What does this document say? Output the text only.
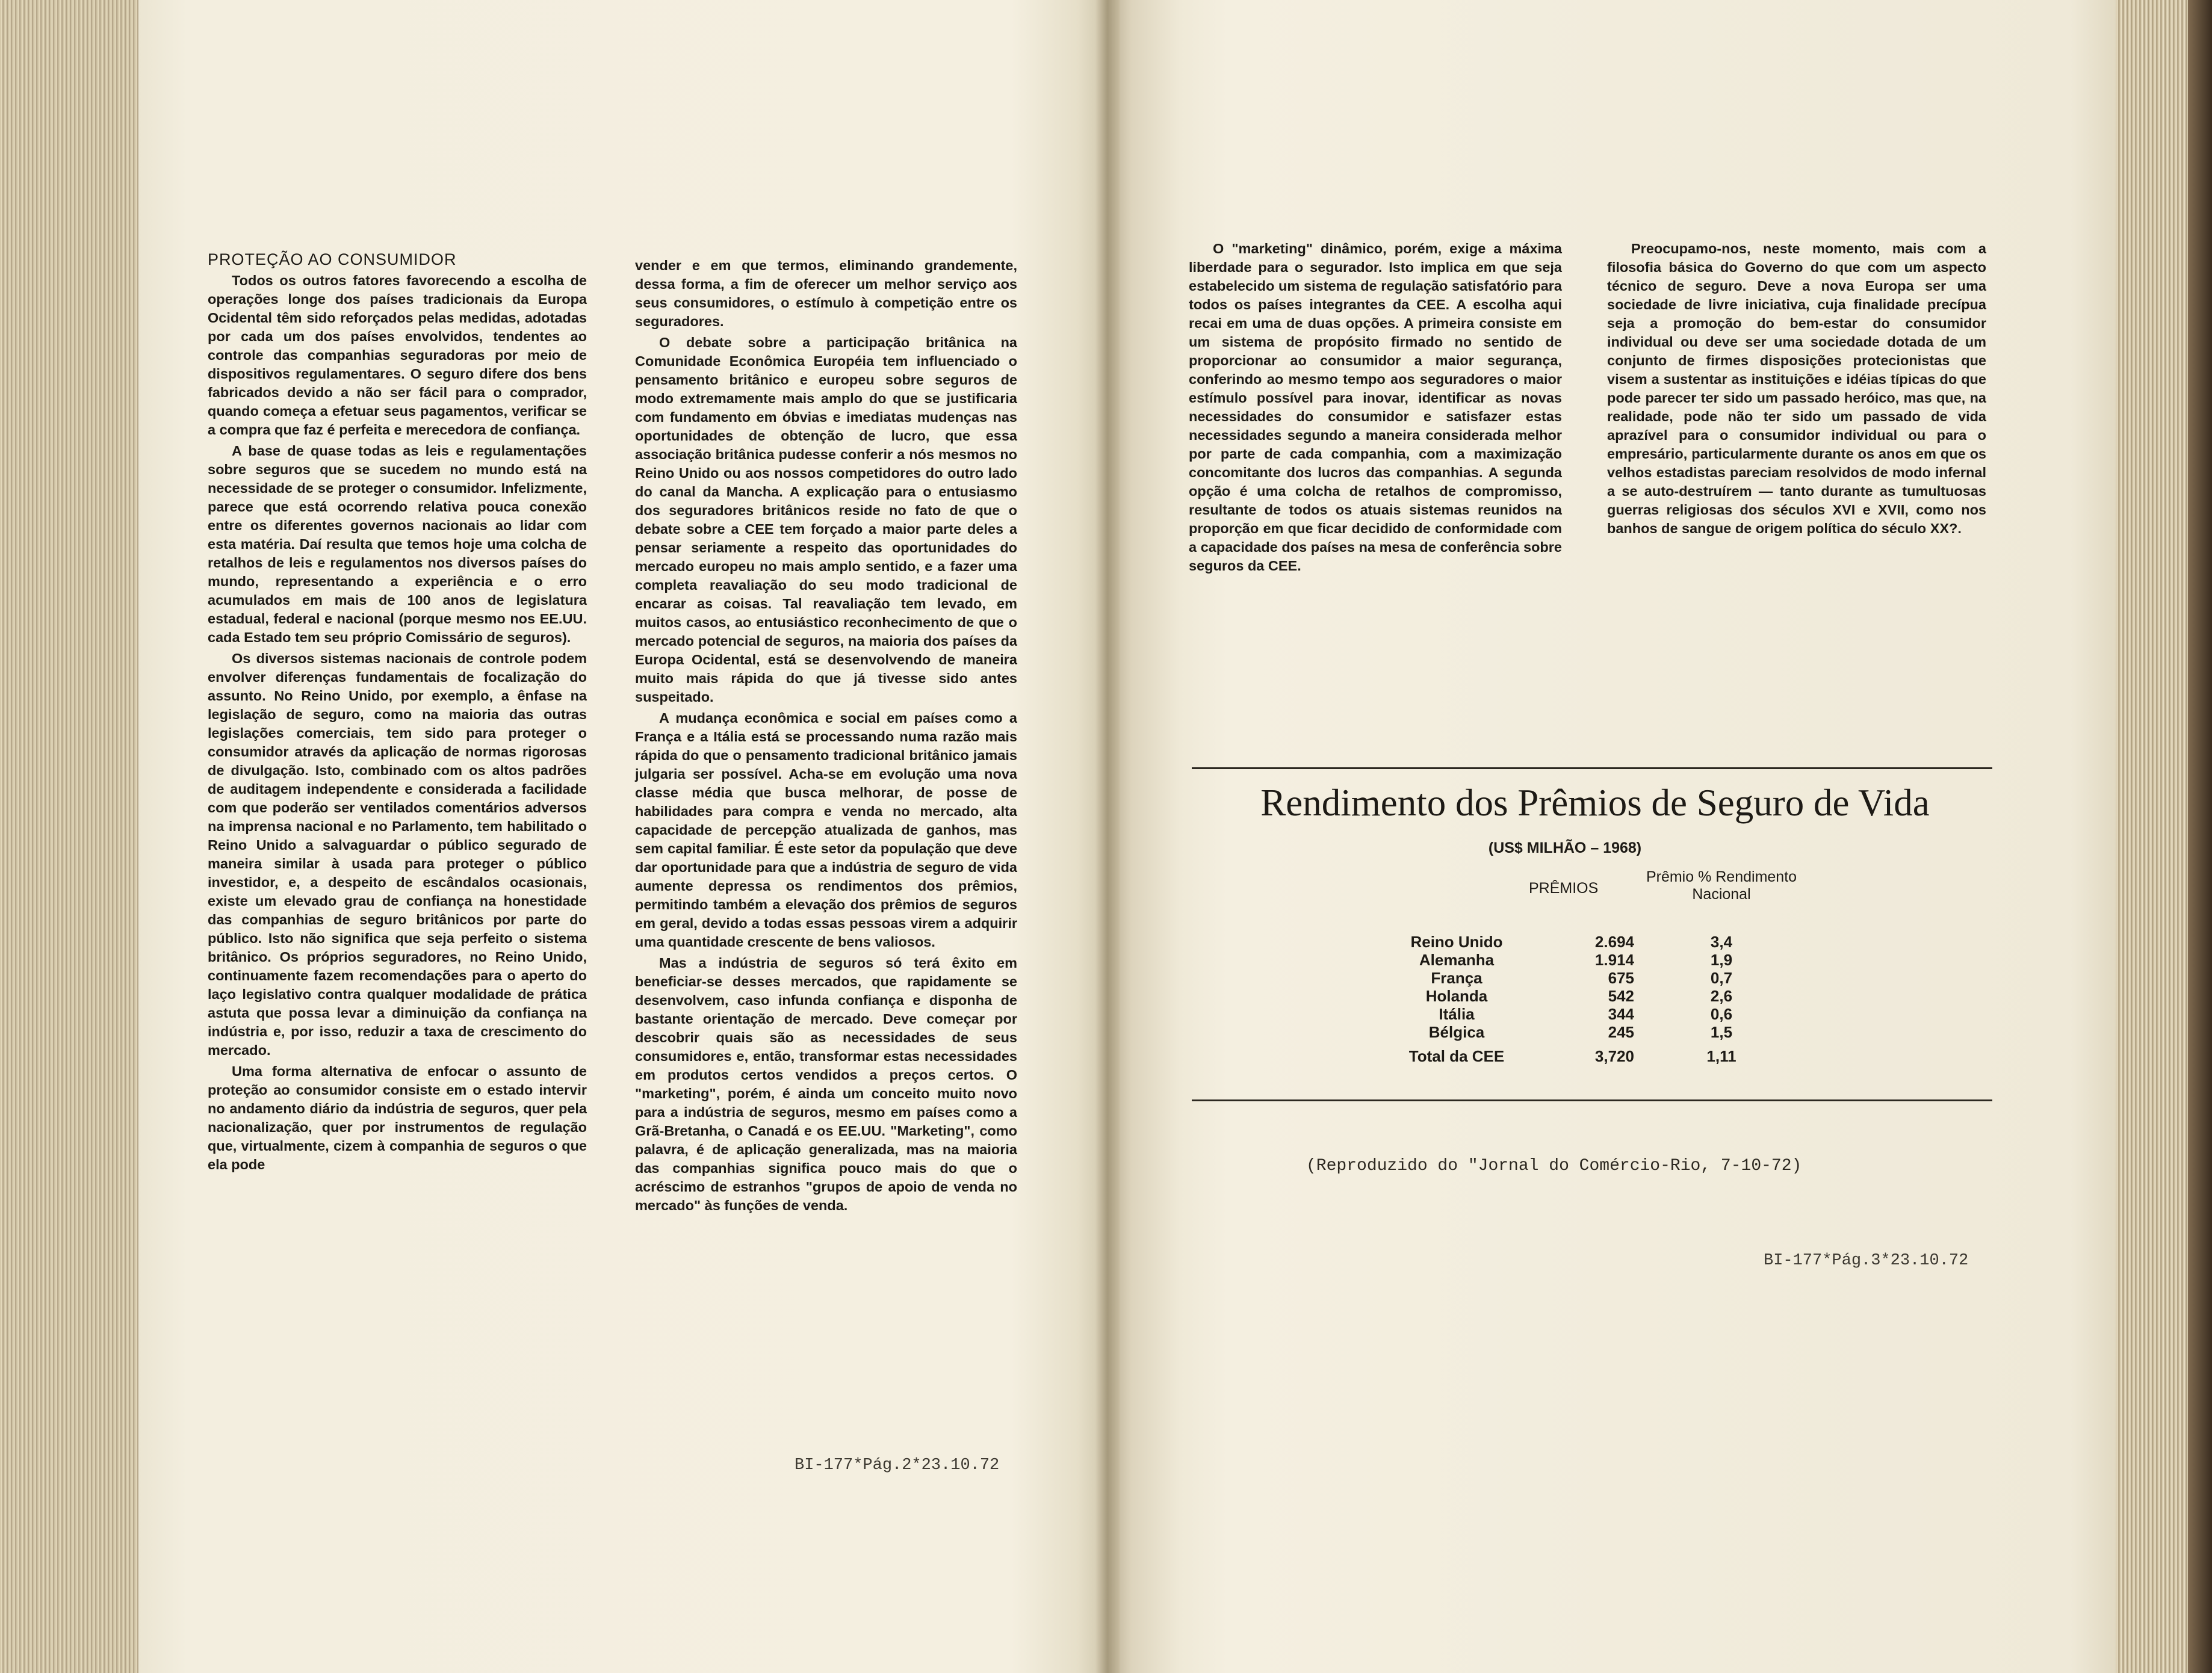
PROTEÇÃO AO CONSUMIDOR

Todos os outros fatores favorecendo a escolha de operações longe dos países tradicionais da Europa Ocidental têm sido reforçados pelas medidas, adotadas por cada um dos países envolvidos, tendentes ao controle das companhias seguradoras por meio de dispositivos regulamentares. O seguro difere dos bens fabricados devido a não ser fácil para o comprador, quando começa a efetuar seus pagamentos, verificar se a compra que faz é perfeita e merecedora de confiança.

A base de quase todas as leis e regulamentações sobre seguros que se sucedem no mundo está na necessidade de se proteger o consumidor. Infelizmente, parece que está ocorrendo relativa pouca conexão entre os diferentes governos nacionais ao lidar com esta matéria. Daí resulta que temos hoje uma colcha de retalhos de leis e regulamentos nos diversos países do mundo, representando a experiência e o erro acumulados em mais de 100 anos de legislatura estadual, federal e nacional (porque mesmo nos EE.UU. cada Estado tem seu próprio Comissário de seguros).

Os diversos sistemas nacionais de controle podem envolver diferenças fundamentais de focalização do assunto. No Reino Unido, por exemplo, a ênfase na legislação de seguro, como na maioria das outras legislações comerciais, tem sido para proteger o consumidor através da aplicação de normas rigorosas de divulgação. Isto, combinado com os altos padrões de auditagem independente e considerada a facilidade com que poderão ser ventilados comentários adversos na imprensa nacional e no Parlamento, tem habilitado o Reino Unido a salvaguardar o público segurado de maneira similar à usada para proteger o público investidor, e, a despeito de escândalos ocasionais, existe um elevado grau de confiança na honestidade das companhias de seguro britânicos por parte do público. Isto não significa que seja perfeito o sistema britânico. Os próprios seguradores, no Reino Unido, continuamente fazem recomendações para o aperto do laço legislativo contra qualquer modalidade de prática astuta que possa levar a diminuição da confiança na indústria e, por isso, reduzir a taxa de crescimento do mercado.

Uma forma alternativa de enfocar o assunto de proteção ao consumidor consiste em o estado intervir no andamento diário da indústria de seguros, quer pela nacionalização, quer por instrumentos de regulação que, virtualmente, cizem à companhia de seguros o que ela pode

vender e em que termos, eliminando grandemente, dessa forma, a fim de oferecer um melhor serviço aos seus consumidores, o estímulo à competição entre os seguradores.

O debate sobre a participação britânica na Comunidade Econômica Européia tem influenciado o pensamento britânico e europeu sobre seguros de modo extremamente mais amplo do que se justificaria com fundamento em óbvias e imediatas mudenças nas oportunidades de obtenção de lucro, que essa associação britânica pudesse conferir a nós mesmos no Reino Unido ou aos nossos competidores do outro lado do canal da Mancha. A explicação para o entusiasmo dos seguradores britânicos reside no fato de que o debate sobre a CEE tem forçado a maior parte deles a pensar seriamente a respeito das oportunidades do mercado europeu no mais amplo sentido, e a fazer uma completa reavaliação do seu modo tradicional de encarar as coisas. Tal reavaliação tem levado, em muitos casos, ao entusiástico reconhecimento de que o mercado potencial de seguros, na maioria dos países da Europa Ocidental, está se desenvolvendo de maneira muito mais rápida do que já tivesse sido antes suspeitado.

A mudança econômica e social em países como a França e a Itália está se processando numa razão mais rápida do que o pensamento tradicional britânico jamais julgaria ser possível. Acha-se em evolução uma nova classe média que busca melhorar, de posse de habilidades para compra e venda no mercado, alta capacidade de percepção atualizada de ganhos, mas sem capital familiar. É este setor da população que deve dar oportunidade para que a indústria de seguro de vida aumente depressa os rendimentos dos prêmios, permitindo também a elevação dos prêmios de seguros em geral, devido a todas essas pessoas virem a adquirir uma quantidade crescente de bens valiosos.

Mas a indústria de seguros só terá êxito em beneficiar-se desses mercados, que rapidamente se desenvolvem, caso infunda confiança e disponha de bastante orientação de mercado. Deve começar por descobrir quais são as necessidades de seus consumidores e, então, transformar estas necessidades em produtos certos vendidos a preços certos. O "marketing", porém, é ainda um conceito muito novo para a indústria de seguros, mesmo em países como a Grã-Bretanha, o Canadá e os EE.UU. "Marketing", como palavra, é de aplicação generalizada, mas na maioria das companhias significa pouco mais do que o acréscimo de estranhos "grupos de apoio de venda no mercado" às funções de venda.

BI-177*Pág.2*23.10.72

O "marketing" dinâmico, porém, exige a máxima liberdade para o segurador. Isto implica em que seja estabelecido um sistema de regulação satisfatório para todos os países integrantes da CEE. A escolha aqui recai em uma de duas opções. A primeira consiste em um sistema de propósito firmado no sentido de proporcionar ao consumidor a maior segurança, conferindo ao mesmo tempo aos seguradores o maior estímulo possível para inovar, identificar as novas necessidades do consumidor e satisfazer estas necessidades segundo a maneira considerada melhor por parte de cada companhia, com a maximização concomitante dos lucros das companhias. A segunda opção é uma colcha de retalhos de compromisso, resultante de todos os atuais sistemas reunidos na proporção em que ficar decidido de conformidade com a capacidade dos países na mesa de conferência sobre seguros da CEE.

Preocupamo-nos, neste momento, mais com a filosofia básica do Governo do que com um aspecto técnico de seguro. Deve a nova Europa ser uma sociedade de livre iniciativa, cuja finalidade precípua seja a promoção do bem-estar do consumidor individual ou deve ser uma sociedade dotada de um conjunto de firmes disposições protecionistas que visem a sustentar as instituições e idéias típicas do que pode parecer ter sido um passado heróico, mas que, na realidade, pode não ter sido um passado de vida aprazível para o consumidor individual ou para o empresário, particularmente durante os anos em que os velhos estadistas pareciam resolvidos de modo infernal a se auto-destruírem — tanto durante as tumultuosas guerras religiosas dos séculos XVI e XVII, como nos banhos de sangue de origem política do século XX?.

Rendimento dos Prêmios de Seguro de Vida
(US$ MILHÃO – 1968)
PRÊMIOS
Prêmio % Rendimento Nacional
Reino Unido	2.694	3,4
Alemanha	1.914	1,9
França	675	0,7
Holanda	542	2,6
Itália	344	0,6
Bélgica	245	1,5
Total da CEE	3,720	1,11
(Reproduzido do "Jornal do Comércio-Rio, 7-10-72)
BI-177*Pág.3*23.10.72
